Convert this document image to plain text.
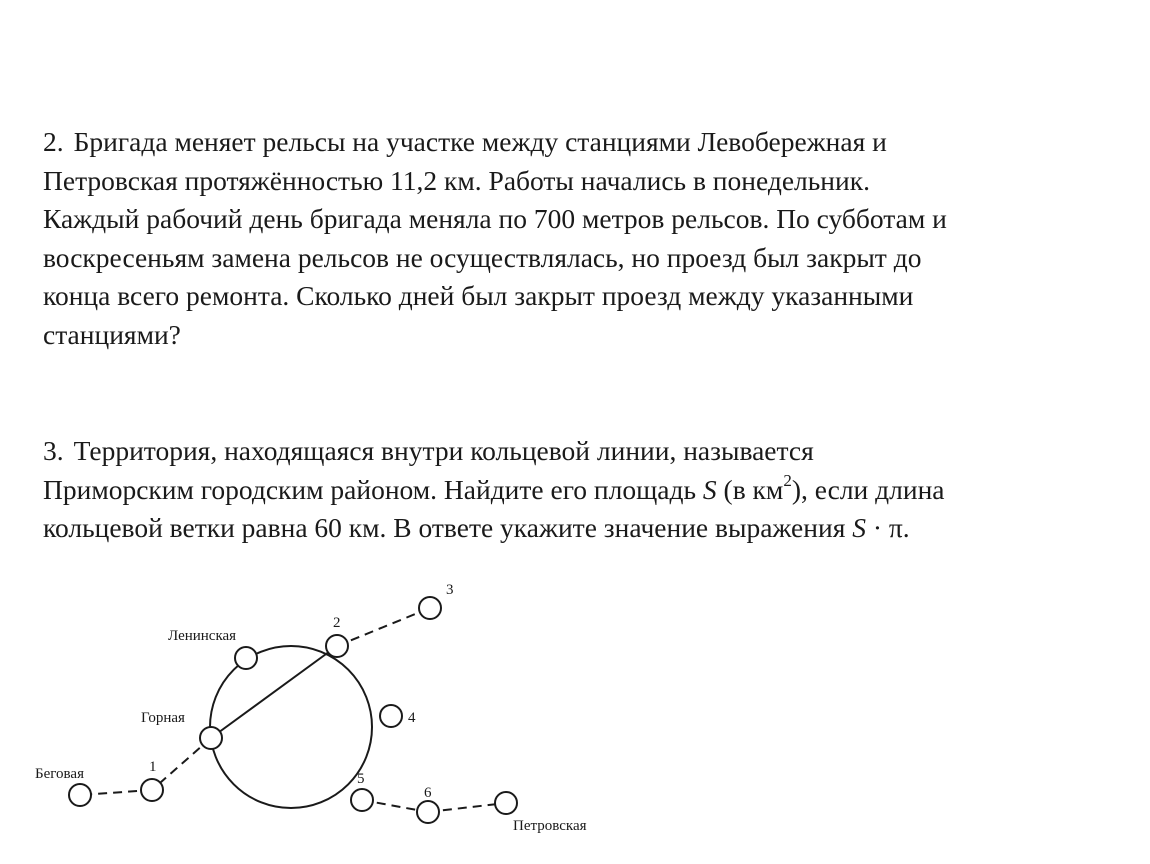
2. Бригада меняет рельсы на участке между станциями Левобережная и
Петровская протяжённостью 11,2 км. Работы начались в понедельник.
Каждый рабочий день бригада меняла по 700 метров рельсов. По субботам и
воскресеньям замена рельсов не осуществлялась, но проезд был закрыт до
конца всего ремонта. Сколько дней был закрыт проезд между указанными
станциями?
3. Территория, находящаяся внутри кольцевой линии, называется
Приморским городским районом. Найдите его площадь S (в $км^2$), если длина
кольцевой ветки равна 60 км. В ответе укажите значение выражения S · π.
Ленинская
Горная
Беговая
Петровская
1
2
3
4
5
6
